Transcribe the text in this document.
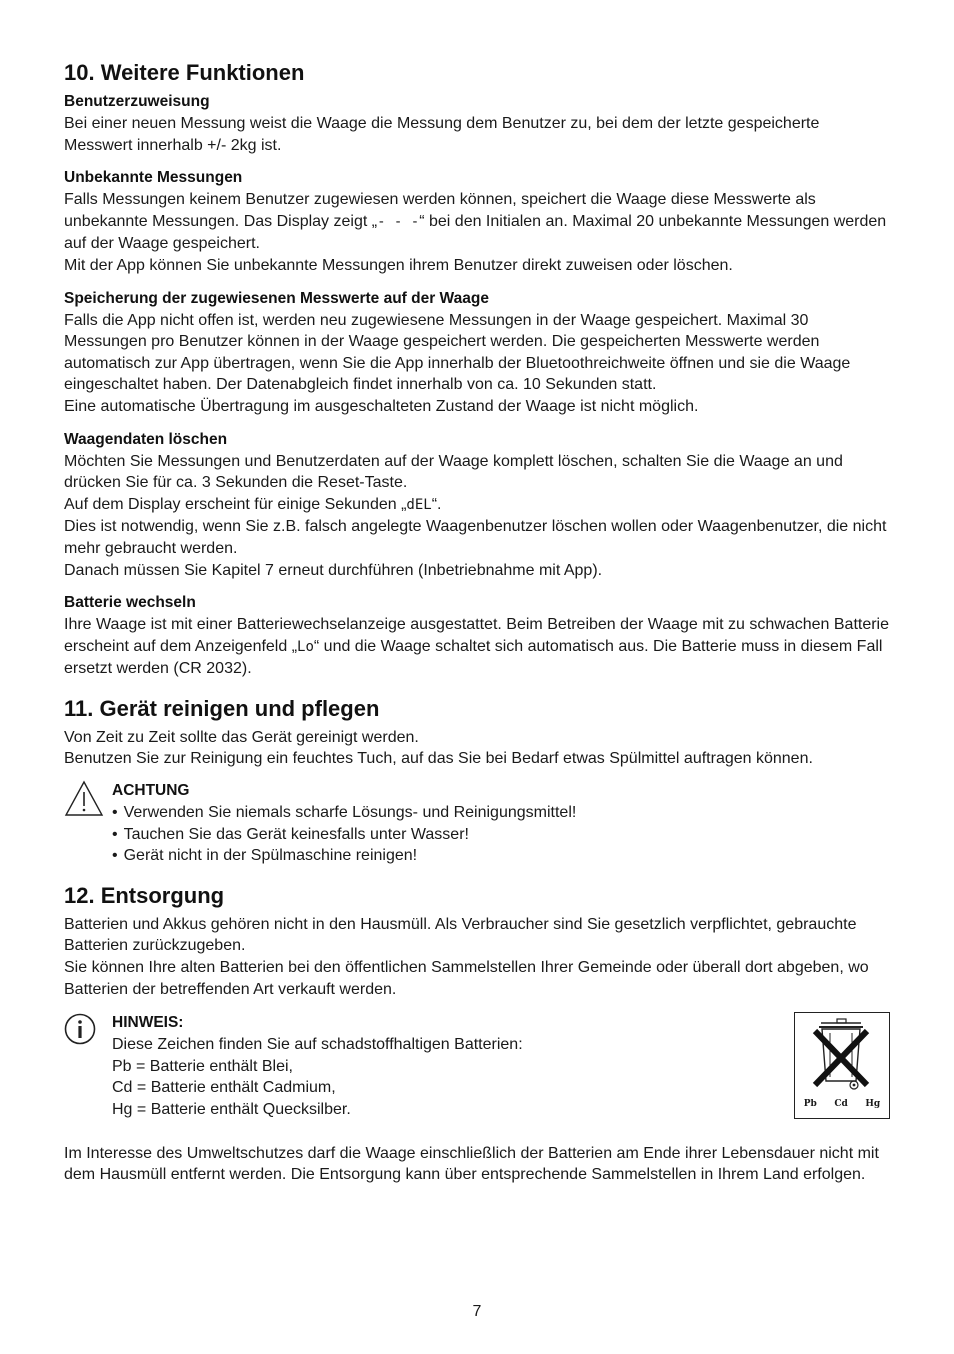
10. Weitere Funktionen
Benutzerzuweisung

Bei einer neuen Messung weist die Waage die Messung dem Benutzer zu, bei dem der letzte gespeicherte Messwert innerhalb +/- 2kg ist.

Unbekannte Messungen

Falls Messungen keinem Benutzer zugewiesen werden können, speichert die Waage diese Messwerte als unbekannte Messungen. Das Display zeigt „- - -“ bei den Initialen an. Maximal 20 unbekannte Messungen werden auf der Waage gespeichert.

Mit der App können Sie unbekannte Messungen ihrem Benutzer direkt zuweisen oder löschen.

Speicherung der zugewiesenen Messwerte auf der Waage

Falls die App nicht offen ist, werden neu zugewiesene Messungen in der Waage gespeichert. Maximal 30 Messungen pro Benutzer können in der Waage gespeichert werden. Die gespeicherten Messwerte werden automatisch zur App übertragen, wenn Sie die App innerhalb der Bluetoothreichweite öffnen und sie die Waage eingeschaltet haben. Der Datenabgleich findet innerhalb von ca. 10 Sekunden statt.

Eine automatische Übertragung im ausgeschalteten Zustand der Waage ist nicht möglich.

Waagendaten löschen

Möchten Sie Messungen und Benutzerdaten auf der Waage komplett löschen, schalten Sie die Waage an und drücken Sie für ca. 3 Sekunden die Reset-Taste.

Auf dem Display erscheint für einige Sekunden „dEL“.

Dies ist notwendig, wenn Sie z.B. falsch angelegte Waagenbenutzer löschen wollen oder Waagenbenutzer, die nicht mehr gebraucht werden.

Danach müssen Sie Kapitel 7 erneut durchführen (Inbetriebnahme mit App).

Batterie wechseln

Ihre Waage ist mit einer Batteriewechselanzeige ausgestattet. Beim Betreiben der Waage mit zu schwachen Batterie erscheint auf dem Anzeigenfeld „Lo“ und die Waage schaltet sich automatisch aus. Die Batterie muss in diesem Fall ersetzt werden (CR 2032).

11. Gerät reinigen und pflegen

Von Zeit zu Zeit sollte das Gerät gereinigt werden.

Benutzen Sie zur Reinigung ein feuchtes Tuch, auf das Sie bei Bedarf etwas Spülmittel auftragen können.

ACHTUNG
• Verwenden Sie niemals scharfe Lösungs- und Reinigungsmittel!
• Tauchen Sie das Gerät keinesfalls unter Wasser!
• Gerät nicht in der Spülmaschine reinigen!
12. Entsorgung

Batterien und Akkus gehören nicht in den Hausmüll. Als Verbraucher sind Sie gesetzlich verpflichtet, gebrauchte Batterien zurückzugeben.

Sie können Ihre alten Batterien bei den öffentlichen Sammelstellen Ihrer Gemeinde oder überall dort abgeben, wo Batterien der betreffenden Art verkauft werden.

HINWEIS:

Diese Zeichen finden Sie auf schadstoffhaltigen Batterien:

Pb = Batterie enthält Blei,

Cd = Batterie enthält Cadmium,

Hg = Batterie enthält Quecksilber.	Pb Cd Hg

Im Interesse des Umweltschutzes darf die Waage einschließlich der Batterien am Ende ihrer Lebensdauer nicht mit dem Hausmüll entfernt werden. Die Entsorgung kann über entsprechende Sammelstellen in Ihrem Land erfolgen.

7
